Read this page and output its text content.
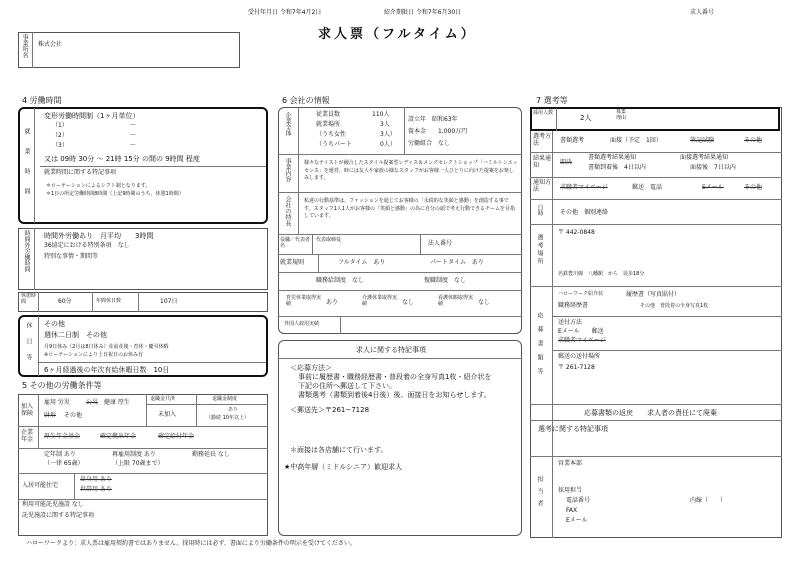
受付年月日 令和7年4月2日	紹介期限日 令和7年6月30日	求人番号
求人票（フルタイム）
事業所名 株式会社
4 労働時間
就業時間
変形労働時間制（1ヶ月単位）
（1）	〜
（2）	〜
（3）	〜
又は 09時 30分 〜 21時 15分 の間の 9時間 程度
就業時間に関する特記事項
＊ローテーションによるシフト制となります。
＊1日の所定労働時間8時間（上記9時間のうち、休憩1時間）
時間外労働時間 時間外労働あり　月平均　　3時間
36協定における特別条項　なし
特別な事情・期間等
休憩時間	60分	年間休日数	107日
休日等 その他
週休二日制　その他
月9日休み（2月は8日休み）産前産後・育休・慶弔休暇
※ローテーションにより土日祝日のお休み有
6ヶ月経過後の年次有給休暇日数　10日
5 その他の労働条件等
加入保険
雇用 労災	公災 健康 厚生
財形 その他
退職金共済
未加入
退職金制度
あり
（勤続 10年以上）
企業年金	厚生年金基金	確定拠出年金	確定給付年金
定年制 あり
（一律 65歳）
再雇用制度 あり
（上限 70歳まで）
勤務延長 なし
入居可能住宅
単身用 あり
世帯用 あり
利用可能託児施設 なし
託児施設に関する特記事項
6 会社の情報
企業全体	従業員数	110人
就業場所	3人
（うち女性	3人）
（うちパート	0人）
設立年　昭和63年
資本金　　1,000万円
労働組合　なし
事業内容	様々なテイストが融合したスタイル提案型レディス＆メンズセレクトショップ「ハミルトンエッセンス」を運営。時には友人や家族の様なスタッフがお客様一人ひとりに向けた提案をお楽しみします。
会社の特長	私達の行動基準は、ファッションを通じてお客様の「永続的な笑顔と感動」を創造する事です。スタッフ1人1人がお客様の「笑顔と感動」の為に自分の頭で考え行動できるチームを目指しています。
役職／代表者名
代表取締役	法人番号
就業規則	フルタイム　あり	パートタイム　あり
職務給制度　なし	復職制度　なし
育児休業取得実績	あり
介護休業取得実績	なし
看護休暇取得実績	なし
外国人雇用実績
求人に関する特記事項
＜応募方法＞
事前に履歴書・職務経歴書・普段着の全身写真1枚・紹介状を
下記の住所へ郵送して下さい。
書類選考（書類到着後4日後）後、面接日をお知らせします。
＜郵送先＞〒261−7128
＊面接は各店舗にて行います。
★中高年層（ミドルシニア）歓迎求人
7 選考等
採用人数
2人
募集理由
選考方法	書類選考	面接（予定　1回）	筆記試験	その他
結果通知	即決
書類選考結果通知	面接選考結果通知
書類到着後　4日以内	面接後　7日以内
通知方法	求職者マイページ	郵送　電話	Eメール	その他
日時	その他 個別連絡
選考場所
〒 442-0848
名鉄豊川線　八幡駅　から　徒歩18分
応募書類等
ハローワーク紹介状	履歴書（写真貼付）
職務経歴書	その他　普段着の全身写真1枚
送付方法
Eメール　　郵送
求職者マイページ
郵送の送付場所
〒 261-7128
応募書類の返戻　　求人者の責任にて廃棄
選考に関する特記事項
担当者
営業本部
採用担当
電話番号	内線（　　）
FAX
Eメール
ハローワークより：求人票は雇用契約書ではありません。採用時には必ず、書面により労働条件の明示を受けてください。
